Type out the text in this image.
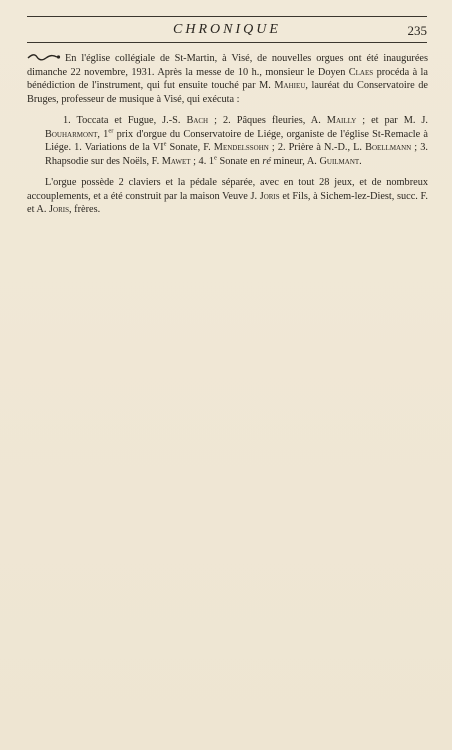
CHRONIQUE	235

En l'église collégiale de St-Martin, à Visé, de nouvelles orgues ont été inaugurées dimanche 22 novembre, 1931. Après la messe de 10 h., monsieur le Doyen Claes procéda à la bénédiction de l'instrument, qui fut ensuite touché par M. Mahieu, lauréat du Conservatoire de Bruges, professeur de musique à Visé, qui exécuta :

1. Toccata et Fugue, J.-S. Bach ; 2. Pâques fleuries, A. Mailly ; et par M. J. Bouharmont, 1er prix d'orgue du Conservatoire de Liége, organiste de l'église St-Remacle à Liége. 1. Variations de la VIe Sonate, F. Mendelssohn ; 2. Prière à N.-D., L. Boellmann ; 3. Rhapsodie sur des Noëls, F. Mawet ; 4. 1e Sonate en ré mineur, A. Guilmant.

L'orgue possède 2 claviers et la pédale séparée, avec en tout 28 jeux, et de nombreux accouplements, et a été construit par la maison Veuve J. Joris et Fils, à Sichem-lez-Diest, succ. F. et A. Joris, frères.
